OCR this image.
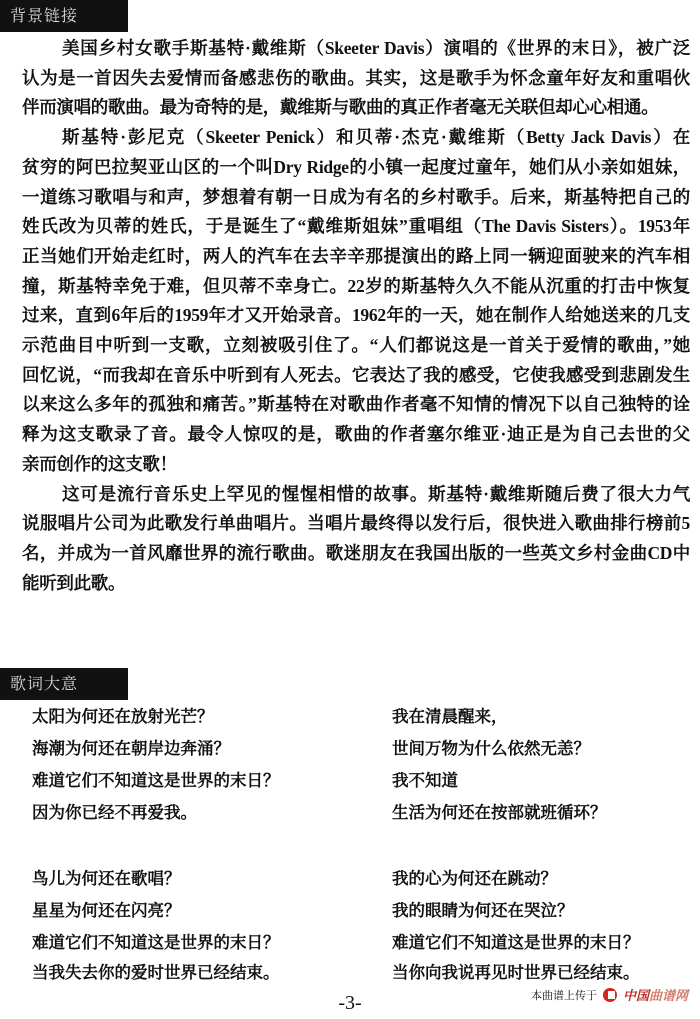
背景链接
美国乡村女歌手斯基特·戴维斯（Skeeter Davis）演唱的《世界的末日》，被广泛
认为是一首因失去爱情而备感悲伤的歌曲。其实，这是歌手为怀念童年好友和重唱伙
伴而演唱的歌曲。最为奇特的是，戴维斯与歌曲的真正作者毫无关联但却心心相通。
斯基特·彭尼克（Skeeter Penick）和贝蒂·杰克·戴维斯（Betty Jack Davis）在
贫穷的阿巴拉契亚山区的一个叫Dry Ridge的小镇一起度过童年，她们从小亲如姐妹，
一道练习歌唱与和声，梦想着有朝一日成为有名的乡村歌手。后来，斯基特把自己的
姓氏改为贝蒂的姓氏，于是诞生了“戴维斯姐妹”重唱组（The Davis Sisters）。1953年
正当她们开始走红时，两人的汽车在去辛辛那提演出的路上同一辆迎面驶来的汽车相
撞，斯基特幸免于难，但贝蒂不幸身亡。22岁的斯基特久久不能从沉重的打击中恢复
过来，直到6年后的1959年才又开始录音。1962年的一天，她在制作人给她送来的几支
示范曲目中听到一支歌，立刻被吸引住了。“人们都说这是一首关于爱情的歌曲，”她
回忆说，“而我却在音乐中听到有人死去。它表达了我的感受，它使我感受到悲剧发生
以来这么多年的孤独和痛苦。”斯基特在对歌曲作者毫不知情的情况下以自己独特的诠
释为这支歌录了音。最令人惊叹的是，歌曲的作者塞尔维亚·迪正是为自己去世的父
亲而创作的这支歌！
这可是流行音乐史上罕见的惺惺相惜的故事。斯基特·戴维斯随后费了很大力气
说服唱片公司为此歌发行单曲唱片。当唱片最终得以发行后，很快进入歌曲排行榜前5
名，并成为一首风靡世界的流行歌曲。歌迷朋友在我国出版的一些英文乡村金曲CD中
能听到此歌。
歌词大意
太阳为何还在放射光芒？
海潮为何还在朝岸边奔涌？
难道它们不知道这是世界的末日？
因为你已经不再爱我。
鸟儿为何还在歌唱？
星星为何还在闪亮？
难道它们不知道这是世界的末日？
当我失去你的爱时世界已经结束。
我在清晨醒来，
世间万物为什么依然无恙？
我不知道
生活为何还在按部就班循环？
我的心为何还在跳动？
我的眼睛为何还在哭泣？
难道它们不知道这是世界的末日？
当你向我说再见时世界已经结束。
-3-	本曲谱上传于 中国曲谱网
